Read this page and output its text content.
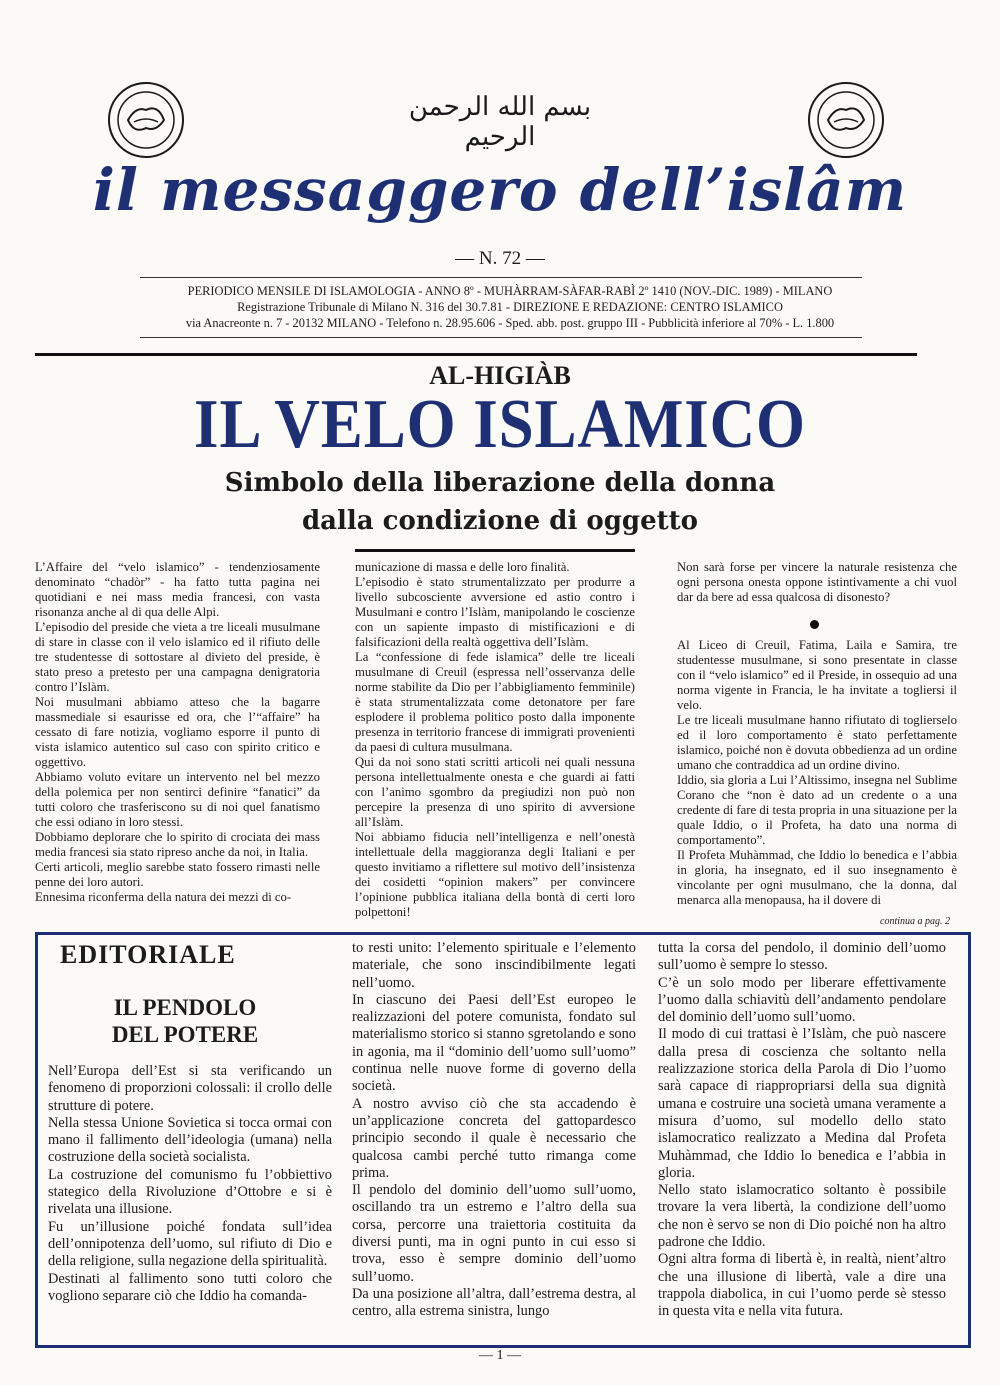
بسم الله الرحمن الرحيم
il messaggero dell’islâm
— N. 72 —
PERIODICO MENSILE DI ISLAMOLOGIA - ANNO 8º - MUHÀRRAM-SÀFAR-RABÌ 2º 1410 (NOV.-DIC. 1989) - MILANO
Registrazione Tribunale di Milano N. 316 del 30.7.81 - DIREZIONE E REDAZIONE: CENTRO ISLAMICO
via Anacreonte n. 7 - 20132 MILANO - Telefono n. 28.95.606 - Sped. abb. post. gruppo III - Pubblicità inferiore al 70% - L. 1.800
AL-HIGIÀB
IL VELO ISLAMICO
Simbolo della liberazione della donna
dalla condizione di oggetto

L’Affaire del “velo islamico” - tendenziosamente denominato “chadòr” - ha fatto tutta pagina nei quotidiani e nei mass media francesi, con vasta risonanza anche al di qua delle Alpi.

L’episodio del preside che vieta a tre liceali musulmane di stare in classe con il velo islamico ed il rifiuto delle tre studentesse di sottostare al divieto del preside, è stato preso a pretesto per una campagna denigratoria contro l’Islàm.

Noi musulmani abbiamo atteso che la bagarre massmediale si esaurisse ed ora, che l’“affaire” ha cessato di fare notizia, vogliamo esporre il punto di vista islamico autentico sul caso con spirito critico e oggettivo.

Abbiamo voluto evitare un intervento nel bel mezzo della polemica per non sentirci definire “fanatici” da tutti coloro che trasferiscono su di noi quel fanatismo che essi odiano in loro stessi.

Dobbiamo deplorare che lo spirito di crociata dei mass media francesi sia stato ripreso anche da noi, in Italia.

Certi articoli, meglio sarebbe stato fossero rimasti nelle penne dei loro autori.

Ennesima riconferma della natura dei mezzi di co-

municazione di massa e delle loro finalità.

L’episodio è stato strumentalizzato per produrre a livello subcosciente avversione ed astio contro i Musulmani e contro l’Islàm, manipolando le coscienze con un sapiente impasto di mistificazioni e di falsificazioni della realtà oggettiva dell’Islàm.

La “confessione di fede islamica” delle tre liceali musulmane di Creuil (espressa nell’osservanza delle norme stabilite da Dio per l’abbigliamento femminile) è stata strumentalizzata come detonatore per fare esplodere il problema politico posto dalla imponente presenza in territorio francese di immigrati provenienti da paesi di cultura musulmana.

Qui da noi sono stati scritti articoli nei quali nessuna persona intellettualmente onesta e che guardi ai fatti con l’animo sgombro da pregiudizi non può non percepire la presenza di uno spirito di avversione all’Islàm.

Noi abbiamo fiducia nell’intelligenza e nell’onestà intellettuale della maggioranza degli Italiani e per questo invitiamo a riflettere sul motivo dell’insistenza dei cosidetti “opinion makers” per convincere l’opinione pubblica italiana della bontà di certi loro polpettoni!

Non sarà forse per vincere la naturale resistenza che ogni persona onesta oppone istintivamente a chi vuol dar da bere ad essa qualcosa di disonesto?

Al Liceo di Creuil, Fatima, Laila e Samira, tre studentesse musulmane, si sono presentate in classe con il “velo islamico” ed il Preside, in ossequio ad una norma vigente in Francia, le ha invitate a togliersi il velo.

Le tre liceali musulmane hanno rifiutato di toglierselo ed il loro comportamento è stato perfettamente islamico, poiché non è dovuta obbedienza ad un ordine umano che contraddica ad un ordine divino.

Iddio, sia gloria a Lui l’Altissimo, insegna nel Sublime Corano che “non è dato ad un credente o a una credente di fare di testa propria in una situazione per la quale Iddio, o il Profeta, ha dato una norma di comportamento”.

Il Profeta Muhàmmad, che Iddio lo benedica e l’abbia in gloria, ha insegnato, ed il suo insegnamento è vincolante per ogni musulmano, che la donna, dal menarca alla menopausa, ha il dovere di

continua a pag. 2
EDITORIALE
IL PENDOLO
DEL POTERE

Nell’Europa dell’Est si sta verificando un fenomeno di proporzioni colossali: il crollo delle strutture di potere.

Nella stessa Unione Sovietica si tocca ormai con mano il fallimento dell’ideologia (umana) nella costruzione della società socialista.

La costruzione del comunismo fu l’obbiettivo stategico della Rivoluzione d’Ottobre e si è rivelata una illusione.

Fu un’illusione poiché fondata sull’idea dell’onnipotenza dell’uomo, sul rifiuto di Dio e della religione, sulla negazione della spiritualità.

Destinati al fallimento sono tutti coloro che vogliono separare ciò che Iddio ha comanda-

to resti unito: l’elemento spirituale e l’elemento materiale, che sono inscindibilmente legati nell’uomo.

In ciascuno dei Paesi dell’Est europeo le realizzazioni del potere comunista, fondato sul materialismo storico si stanno sgretolando e sono in agonia, ma il “dominio dell’uomo sull’uomo” continua nelle nuove forme di governo della società.

A nostro avviso ciò che sta accadendo è un’applicazione concreta del gattopardesco principio secondo il quale è necessario che qualcosa cambi perché tutto rimanga come prima.

Il pendolo del dominio dell’uomo sull’uomo, oscillando tra un estremo e l’altro della sua corsa, percorre una traiettoria costituita da diversi punti, ma in ogni punto in cui esso si trova, esso è sempre dominio dell’uomo sull’uomo.

Da una posizione all’altra, dall’estrema destra, al centro, alla estrema sinistra, lungo

tutta la corsa del pendolo, il dominio dell’uomo sull’uomo è sempre lo stesso.

C’è un solo modo per liberare effettivamente l’uomo dalla schiavitù dell’andamento pendolare del dominio dell’uomo sull’uomo.

Il modo di cui trattasi è l’Islàm, che può nascere dalla presa di coscienza che soltanto nella realizzazione storica della Parola di Dio l’uomo sarà capace di riappropriarsi della sua dignità umana e costruire una società umana veramente a misura d’uomo, sul modello dello stato islamocratico realizzato a Medina dal Profeta Muhàmmad, che Iddio lo benedica e l’abbia in gloria.

Nello stato islamocratico soltanto è possibile trovare la vera libertà, la condizione dell’uomo che non è servo se non di Dio poiché non ha altro padrone che Iddio.

Ogni altra forma di libertà è, in realtà, nient’altro che una illusione di libertà, vale a dire una trappola diabolica, in cui l’uomo perde sè stesso in questa vita e nella vita futura.

— 1 —
